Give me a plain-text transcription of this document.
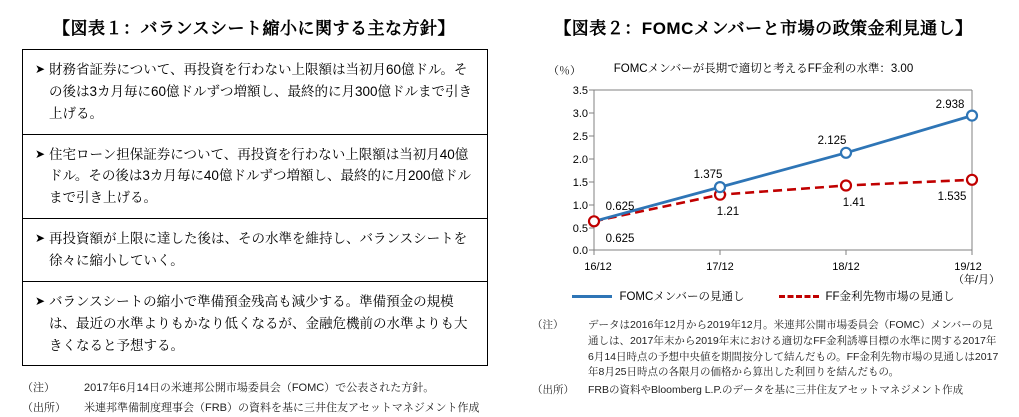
【図表１：バランスシート縮小に関する主な方針】
➤ 財務省証券について、再投資を行わない上限額は当初月60億ドル。その後は3カ月毎に60億ドルずつ増額し、最終的に月300億ドルまで引き上げる。
➤ 住宅ローン担保証券について、再投資を行わない上限額は当初月40億ドル。その後は3カ月毎に40億ドルずつ増額し、最終的に月200億ドルまで引き上げる。
➤ 再投資額が上限に達した後は、その水準を維持し、バランスシートを徐々に縮小していく。
➤ バランスシートの縮小で準備預金残高も減少する。準備預金の規模は、最近の水準よりもかなり低くなるが、金融危機前の水準よりも大きくなると予想する。
（注）	2017年6月14日の米連邦公開市場委員会（FOMC）で公表された方針。
（出所）	米連邦準備制度理事会（FRB）の資料を基に三井住友アセットマネジメント作成
【図表２：FOMCメンバーと市場の政策金利見通し】
（％）	FOMCメンバーが長期で適切と考えるFF金利の水準：3.00
3.5
3.0
2.5
2.0
1.5
1.0
0.5
0.0
16/12	17/12	18/12	19/12
0.625
1.375
2.125
2.938
0.625
1.21
1.41	1.535
（年/月）
FOMCメンバーの見通し	FF金利先物市場の見通し
（注）	データは2016年12月から2019年12月。米連邦公開市場委員会（FOMC）メンバーの見通しは、2017年末から2019年末における適切なFF金利誘導目標の水準に関する2017年6月14日時点の予想中央値を期間按分して結んだもの。FF金利先物市場の見通しは2017年8月25日時点の各限月の価格から算出した利回りを結んだもの。
（出所）	FRBの資料やBloomberg L.P.のデータを基に三井住友アセットマネジメント作成
